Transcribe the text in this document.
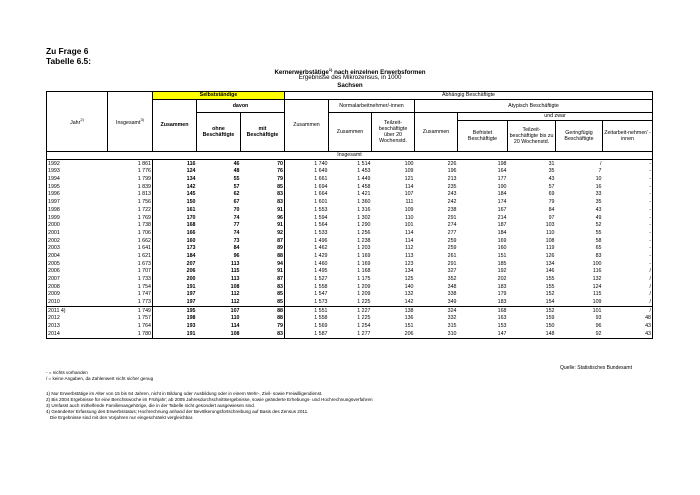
Zu Frage 6
Tabelle 6.5:
Kernerwerbstätige$^{1)}$ nach einzelnen Erwerbsformen
Ergebnisse des Mikrozensus, in 1000
Sachsen
Jahr$^{2)}$	Insgesamt$^{3)}$	Selbstständige			Abhängig Beschäftigte							
		Zusammen	davon		Zusammen	Normalarbeitnehmer/-innen		Atypisch Beschäftigte				
			ohne Beschäftigte	mit Beschäftigte		Zusammen	Teilzeit-beschäftigte über 20 Wochenstd.	Zusammen	und zwar			
									Befristet Beschäftigte	Teilzeit-beschäftigte bis zu 20 Wochenstd.	Geringfügig Beschäftigte	Zeitarbeit-nehmer/ -innen
Insgesamt												
1992	1 861	116	46	70	1 740	1 514	100	226	198	31	/	-
1993	1 776	124	48	76	1 649	1 453	109	196	164	35	7	-
1994	1 799	134	55	79	1 661	1 449	121	213	177	43	10	-
1995	1 839	142	57	85	1 694	1 458	114	235	190	57	16	-
1996	1 813	145	62	83	1 664	1 421	107	243	184	69	33	-
1997	1 756	150	67	83	1 601	1 360	111	242	174	79	35	-
1998	1 722	161	70	91	1 553	1 316	109	238	167	84	43	-
1999	1 769	170	74	96	1 594	1 302	110	291	214	97	49	-
2000	1 738	168	77	91	1 564	1 290	101	274	187	103	52	-
2001	1 706	166	74	92	1 533	1 256	114	277	184	110	55	-
2002	1 662	160	73	87	1 496	1 238	114	259	169	108	58	-
2003	1 641	173	84	89	1 462	1 203	112	259	160	119	65	-
2004	1 621	184	96	88	1 429	1 169	113	261	151	126	83	-
2005	1 673	207	113	94	1 460	1 169	123	291	185	134	100	-
2006	1 707	206	115	91	1 495	1 168	134	327	192	146	116	/
2007	1 733	200	113	87	1 527	1 175	125	352	202	155	132	/
2008	1 754	191	108	83	1 558	1 209	140	348	183	155	124	/
2009	1 747	197	112	85	1 547	1 209	132	338	179	152	115	/
2010	1 773	197	112	85	1 573	1 225	142	349	183	154	109	/
2011 4)	1 749	195	107	88	1 551	1 227	138	324	168	152	101	/
2012	1 757	198	110	88	1 558	1 225	136	332	163	159	93	48
2013	1 764	193	114	79	1 569	1 254	151	315	153	150	96	43
2014	1 780	191	108	83	1 587	1 277	206	310	147	148	92	43
Quelle: Statistisches Bundesamt
- = nichts vorhanden
/ = keine Angaben, da Zahlenwert nicht sicher genug
1) Nur Erwerbstätige im Alter von 15 bis 64 Jahren, nicht in Bildung oder Ausbildung oder in einem Wehr-, Zivil- sowie Freiwilligendienst.
2) Bis 2004 Ergebnisse für eine Berichtswoche im Frühjahr; ab 2005 Jahresdurchschnittsergebnisse, sowie geänderte Erhebungs- und Hochrechnungsverfahren
3) Umfasst auch mithelfende Familienangehörige, die in der Tabelle nicht gesondert ausgewiesen sind.
4) Geänderter Erfassung des Erwerbsstatus; Hochrechnung anhand der Bevölkerungsfortschreibung auf Basis des Zensus 2011.
Die Ergebnisse sind mit den Vorjahren nur eingeschränkt vergleichbar.
